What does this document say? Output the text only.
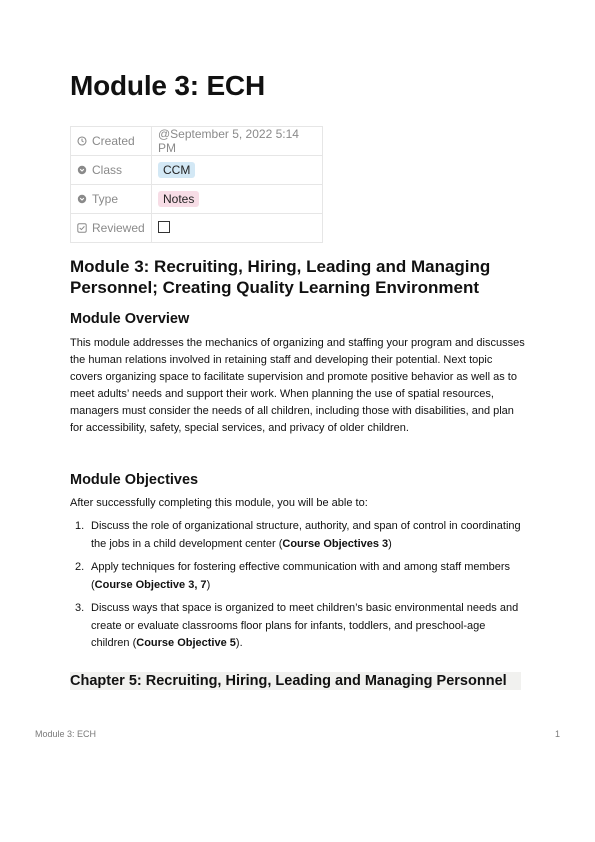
Module 3: ECH
Created	@September 5, 2022 5:14 PM
Class	CCM
Type	Notes
Reviewed	
Module 3: Recruiting, Hiring, Leading and Managing Personnel; Creating Quality Learning Environment
Module Overview

This module addresses the mechanics of organizing and staffing your program and discusses the human relations involved in retaining staff and developing their potential. Next topic covers organizing space to facilitate supervision and promote positive behavior as well as to meet adults’ needs and support their work. When planning the use of spatial resources, managers must consider the needs of all children, including those with disabilities, and plan for accessibility, safety, special services, and privacy of older children.

Module Objectives

After successfully completing this module, you will be able to:

1. Discuss the role of organizational structure, authority, and span of control in coordinating the jobs in a child development center (Course Objectives 3)
2. Apply techniques for fostering effective communication with and among staff members (Course Objective 3, 7)
3. Discuss ways that space is organized to meet children’s basic environmental needs and create or evaluate classrooms floor plans for infants, toddlers, and preschool-age children (Course Objective 5).
Chapter 5: Recruiting, Hiring, Leading and Managing Personnel
Module 3: ECH	1
